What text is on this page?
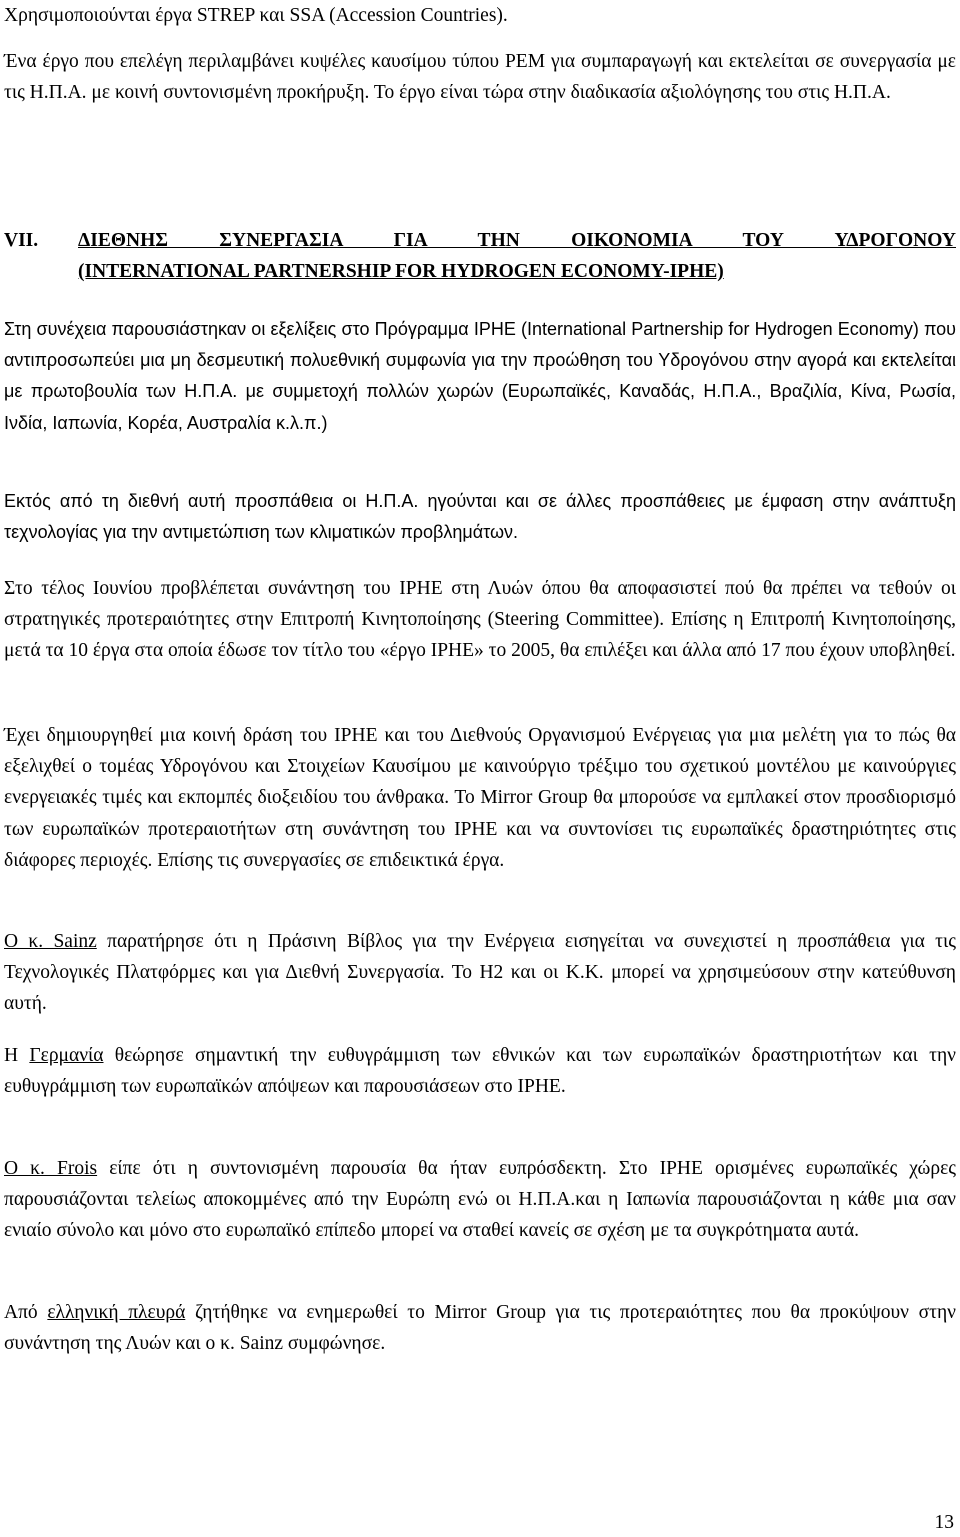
Χρησιμοποιούνται έργα STREP και SSA (Accession Countries).

Ένα έργο που επελέγη περιλαμβάνει κυψέλες καυσίμου τύπου PEM για συμπαραγωγή και εκτελείται σε συνεργασία με τις Η.Π.Α. με κοινή συντονισμένη προκήρυξη. Το έργο είναι τώρα στην διαδικασία αξιολόγησης του στις Η.Π.Α.

VII.	ΔΙΕΘΝΗΣ ΣΥΝΕΡΓΑΣΙΑ ΓΙΑ ΤΗΝ ΟΙΚΟΝΟΜΙΑ ΤΟΥ ΥΔΡΟΓΟΝΟΥ
(INTERNATIONAL PARTNERSHIP FOR HYDROGEN ECONOMY-IPHE)

Στη συνέχεια παρουσιάστηκαν οι εξελίξεις στο Πρόγραμμα IPHE (International Partnership for Hydrogen Economy) που αντιπροσωπεύει μια μη δεσμευτική πολυεθνική συμφωνία για την προώθηση του Υδρογόνου στην αγορά και εκτελείται με πρωτοβουλία των Η.Π.Α. με συμμετοχή πολλών χωρών (Ευρωπαϊκές, Καναδάς, Η.Π.Α., Βραζιλία, Κίνα, Ρωσία, Ινδία, Ιαπωνία, Κορέα, Αυστραλία κ.λ.π.)

Εκτός από τη διεθνή αυτή προσπάθεια οι Η.Π.Α. ηγούνται και σε άλλες προσπάθειες με έμφαση στην ανάπτυξη τεχνολογίας για την αντιμετώπιση των κλιματικών προβλημάτων.

Στο τέλος Ιουνίου προβλέπεται συνάντηση του IPHE στη Λυών όπου θα αποφασιστεί πού θα πρέπει να τεθούν οι στρατηγικές προτεραιότητες στην Επιτροπή Κινητοποίησης (Steering Committee). Επίσης η Επιτροπή Κινητοποίησης, μετά τα 10 έργα στα οποία έδωσε τον τίτλο του «έργο IPHE» το 2005, θα επιλέξει και άλλα από 17 που έχουν υποβληθεί.

Έχει δημιουργηθεί μια κοινή δράση του IPHE και του Διεθνούς Οργανισμού Ενέργειας για μια μελέτη για το πώς θα εξελιχθεί ο τομέας Υδρογόνου και Στοιχείων Καυσίμου με καινούργιο τρέξιμο του σχετικού μοντέλου με καινούργιες ενεργειακές τιμές και εκπομπές διοξειδίου του άνθρακα. Το Mirror Group θα μπορούσε να εμπλακεί στον προσδιορισμό των ευρωπαϊκών προτεραιοτήτων στη συνάντηση του IPHE και να συντονίσει τις ευρωπαϊκές δραστηριότητες στις διάφορες περιοχές. Επίσης τις συνεργασίες σε επιδεικτικά έργα.

Ο κ. Sainz παρατήρησε ότι η Πράσινη Βίβλος για την Ενέργεια εισηγείται να συνεχιστεί η προσπάθεια για τις Τεχνολογικές Πλατφόρμες και για Διεθνή Συνεργασία. Το Η2 και οι Κ.Κ. μπορεί να χρησιμεύσουν στην κατεύθυνση αυτή.

Η Γερμανία θεώρησε σημαντική την ευθυγράμμιση των εθνικών και των ευρωπαϊκών δραστηριοτήτων και την ευθυγράμμιση των ευρωπαϊκών απόψεων και παρουσιάσεων στο IPHE.

Ο κ. Frois είπε ότι η συντονισμένη παρουσία θα ήταν ευπρόσδεκτη. Στο IPHE ορισμένες ευρωπαϊκές χώρες παρουσιάζονται τελείως αποκομμένες από την Ευρώπη ενώ οι Η.Π.Α.και η Ιαπωνία παρουσιάζονται η κάθε μια σαν ενιαίο σύνολο και μόνο στο ευρωπαϊκό επίπεδο μπορεί να σταθεί κανείς σε σχέση με τα συγκρότηματα αυτά.

Από ελληνική πλευρά ζητήθηκε να ενημερωθεί το Mirror Group για τις προτεραιότητες που θα προκύψουν στην συνάντηση της Λυών και ο κ. Sainz συμφώνησε.

13
